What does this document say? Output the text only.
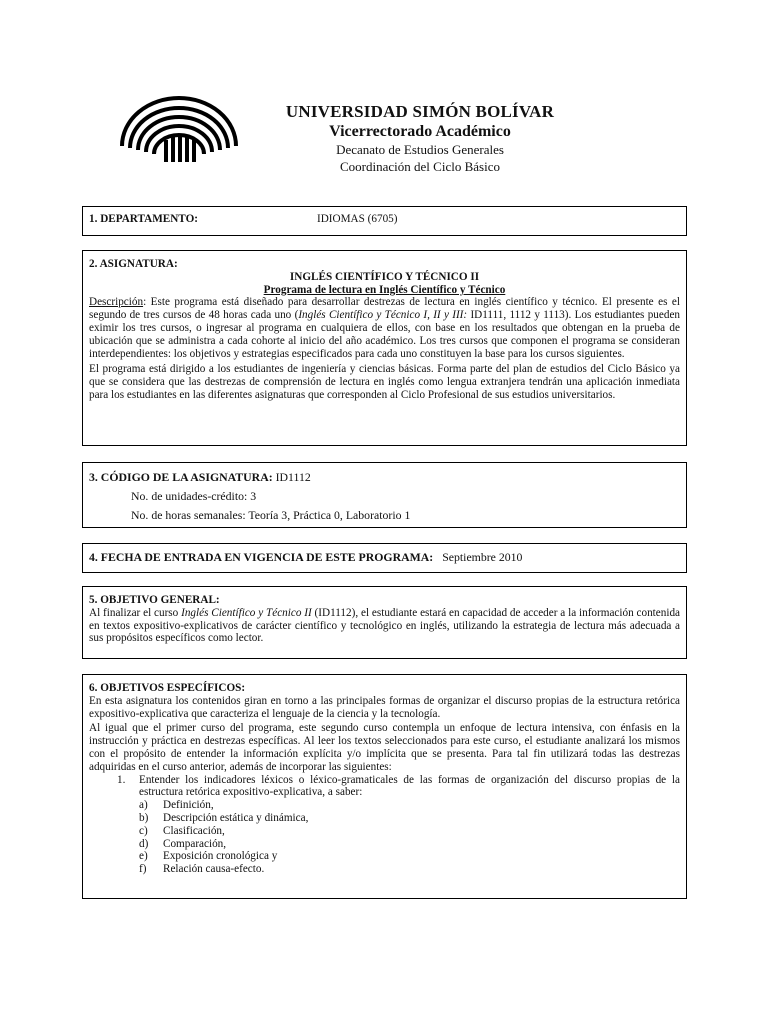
UNIVERSIDAD SIMÓN BOLÍVAR
Vicerrectorado Académico
Decanato de Estudios Generales
Coordinación del Ciclo Básico
1. DEPARTAMENTO:	IDIOMAS (6705)
2. ASIGNATURA:
INGLÉS CIENTÍFICO Y TÉCNICO II
Programa de lectura en Inglés Científico y Técnico

Descripción: Este programa está diseñado para desarrollar destrezas de lectura en inglés científico y técnico. El presente es el segundo de tres cursos de 48 horas cada uno (Inglés Científico y Técnico I, II y III: ID1111, 1112 y 1113). Los estudiantes pueden eximir los tres cursos, o ingresar al programa en cualquiera de ellos, con base en los resultados que obtengan en la prueba de ubicación que se administra a cada cohorte al inicio del año académico. Los tres cursos que componen el programa se consideran interdependientes: los objetivos y estrategias especificados para cada uno constituyen la base para los cursos siguientes.

El programa está dirigido a los estudiantes de ingeniería y ciencias básicas. Forma parte del plan de estudios del Ciclo Básico ya que se considera que las destrezas de comprensión de lectura en inglés como lengua extranjera tendrán una aplicación inmediata para los estudiantes en las diferentes asignaturas que corresponden al Ciclo Profesional de sus estudios universitarios.

3. CÓDIGO DE LA ASIGNATURA: ID1112
No. de unidades-crédito: 3
No. de horas semanales: Teoría 3, Práctica 0, Laboratorio 1
4. FECHA DE ENTRADA EN VIGENCIA DE ESTE PROGRAMA: Septiembre 2010
5. OBJETIVO GENERAL:

Al finalizar el curso Inglés Científico y Técnico II (ID1112), el estudiante estará en capacidad de acceder a la información contenida en textos expositivo-explicativos de carácter científico y tecnológico en inglés, utilizando la estrategia de lectura más adecuada a sus propósitos específicos como lector.

6. OBJETIVOS ESPECÍFICOS:

En esta asignatura los contenidos giran en torno a las principales formas de organizar el discurso propias de la estructura retórica expositivo-explicativa que caracteriza el lenguaje de la ciencia y la tecnología.

Al igual que el primer curso del programa, este segundo curso contempla un enfoque de lectura intensiva, con énfasis en la instrucción y práctica en destrezas específicas. Al leer los textos seleccionados para este curso, el estudiante analizará los mismos con el propósito de entender la información explícita y/o implícita que se presenta. Para tal fin utilizará todas las destrezas adquiridas en el curso anterior, además de incorporar las siguientes:

1. Entender los indicadores léxicos o léxico-gramaticales de las formas de organización del discurso propias de la estructura retórica expositivo-explicativa, a saber:
a) Definición,
b) Descripción estática y dinámica,
c) Clasificación,
d) Comparación,
e) Exposición cronológica y
f) Relación causa-efecto.
